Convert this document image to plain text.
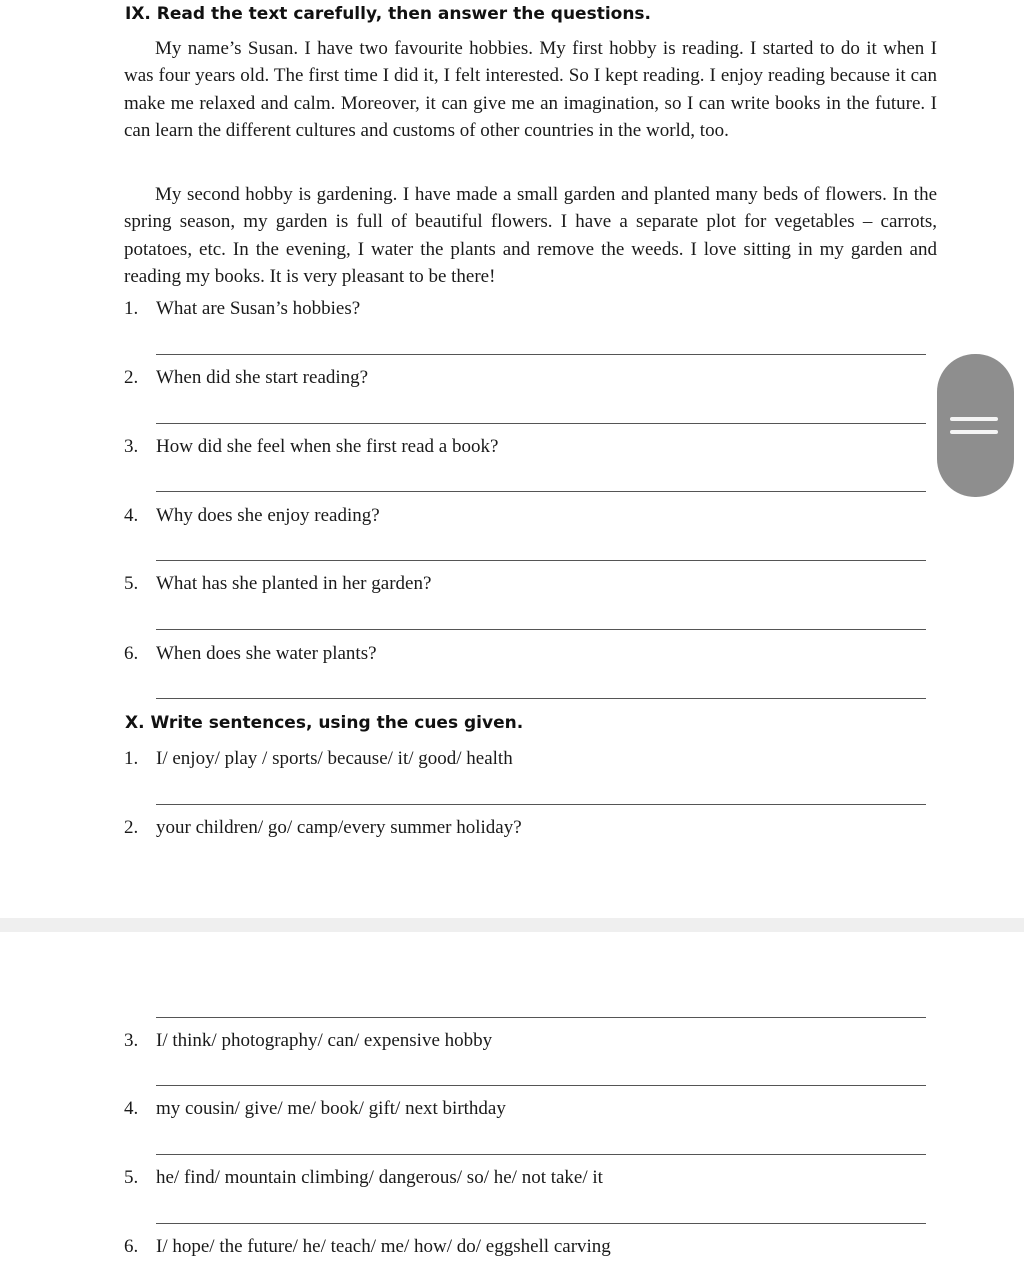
IX. Read the text carefully, then answer the questions.

My name’s Susan. I have two favourite hobbies. My first hobby is reading. I started to do it when I was four years old. The first time I did it, I felt interested. So I kept reading. I enjoy reading because it can make me relaxed and calm. Moreover, it can give me an imagination, so I can write books in the future. I can learn the different cultures and customs of other countries in the world, too.

My second hobby is gardening. I have made a small garden and planted many beds of flowers. In the spring season, my garden is full of beautiful flowers. I have a separate plot for vegetables – carrots, potatoes, etc. In the evening, I water the plants and remove the weeds. I love sitting in my garden and reading my books. It is very pleasant to be there!

1. What are Susan’s hobbies?
2. When did she start reading?
3. How did she feel when she first read a book?
4. Why does she enjoy reading?
5. What has she planted in her garden?
6. When does she water plants?
X. Write sentences, using the cues given.
1. I/ enjoy/ play / sports/ because/ it/ good/ health
2. your children/ go/ camp/every summer holiday?
3. I/ think/ photography/ can/ expensive hobby
4. my cousin/ give/ me/ book/ gift/ next birthday
5. he/ find/ mountain climbing/ dangerous/ so/ he/ not take/ it
6. I/ hope/ the future/ he/ teach/ me/ how/ do/ eggshell carving
